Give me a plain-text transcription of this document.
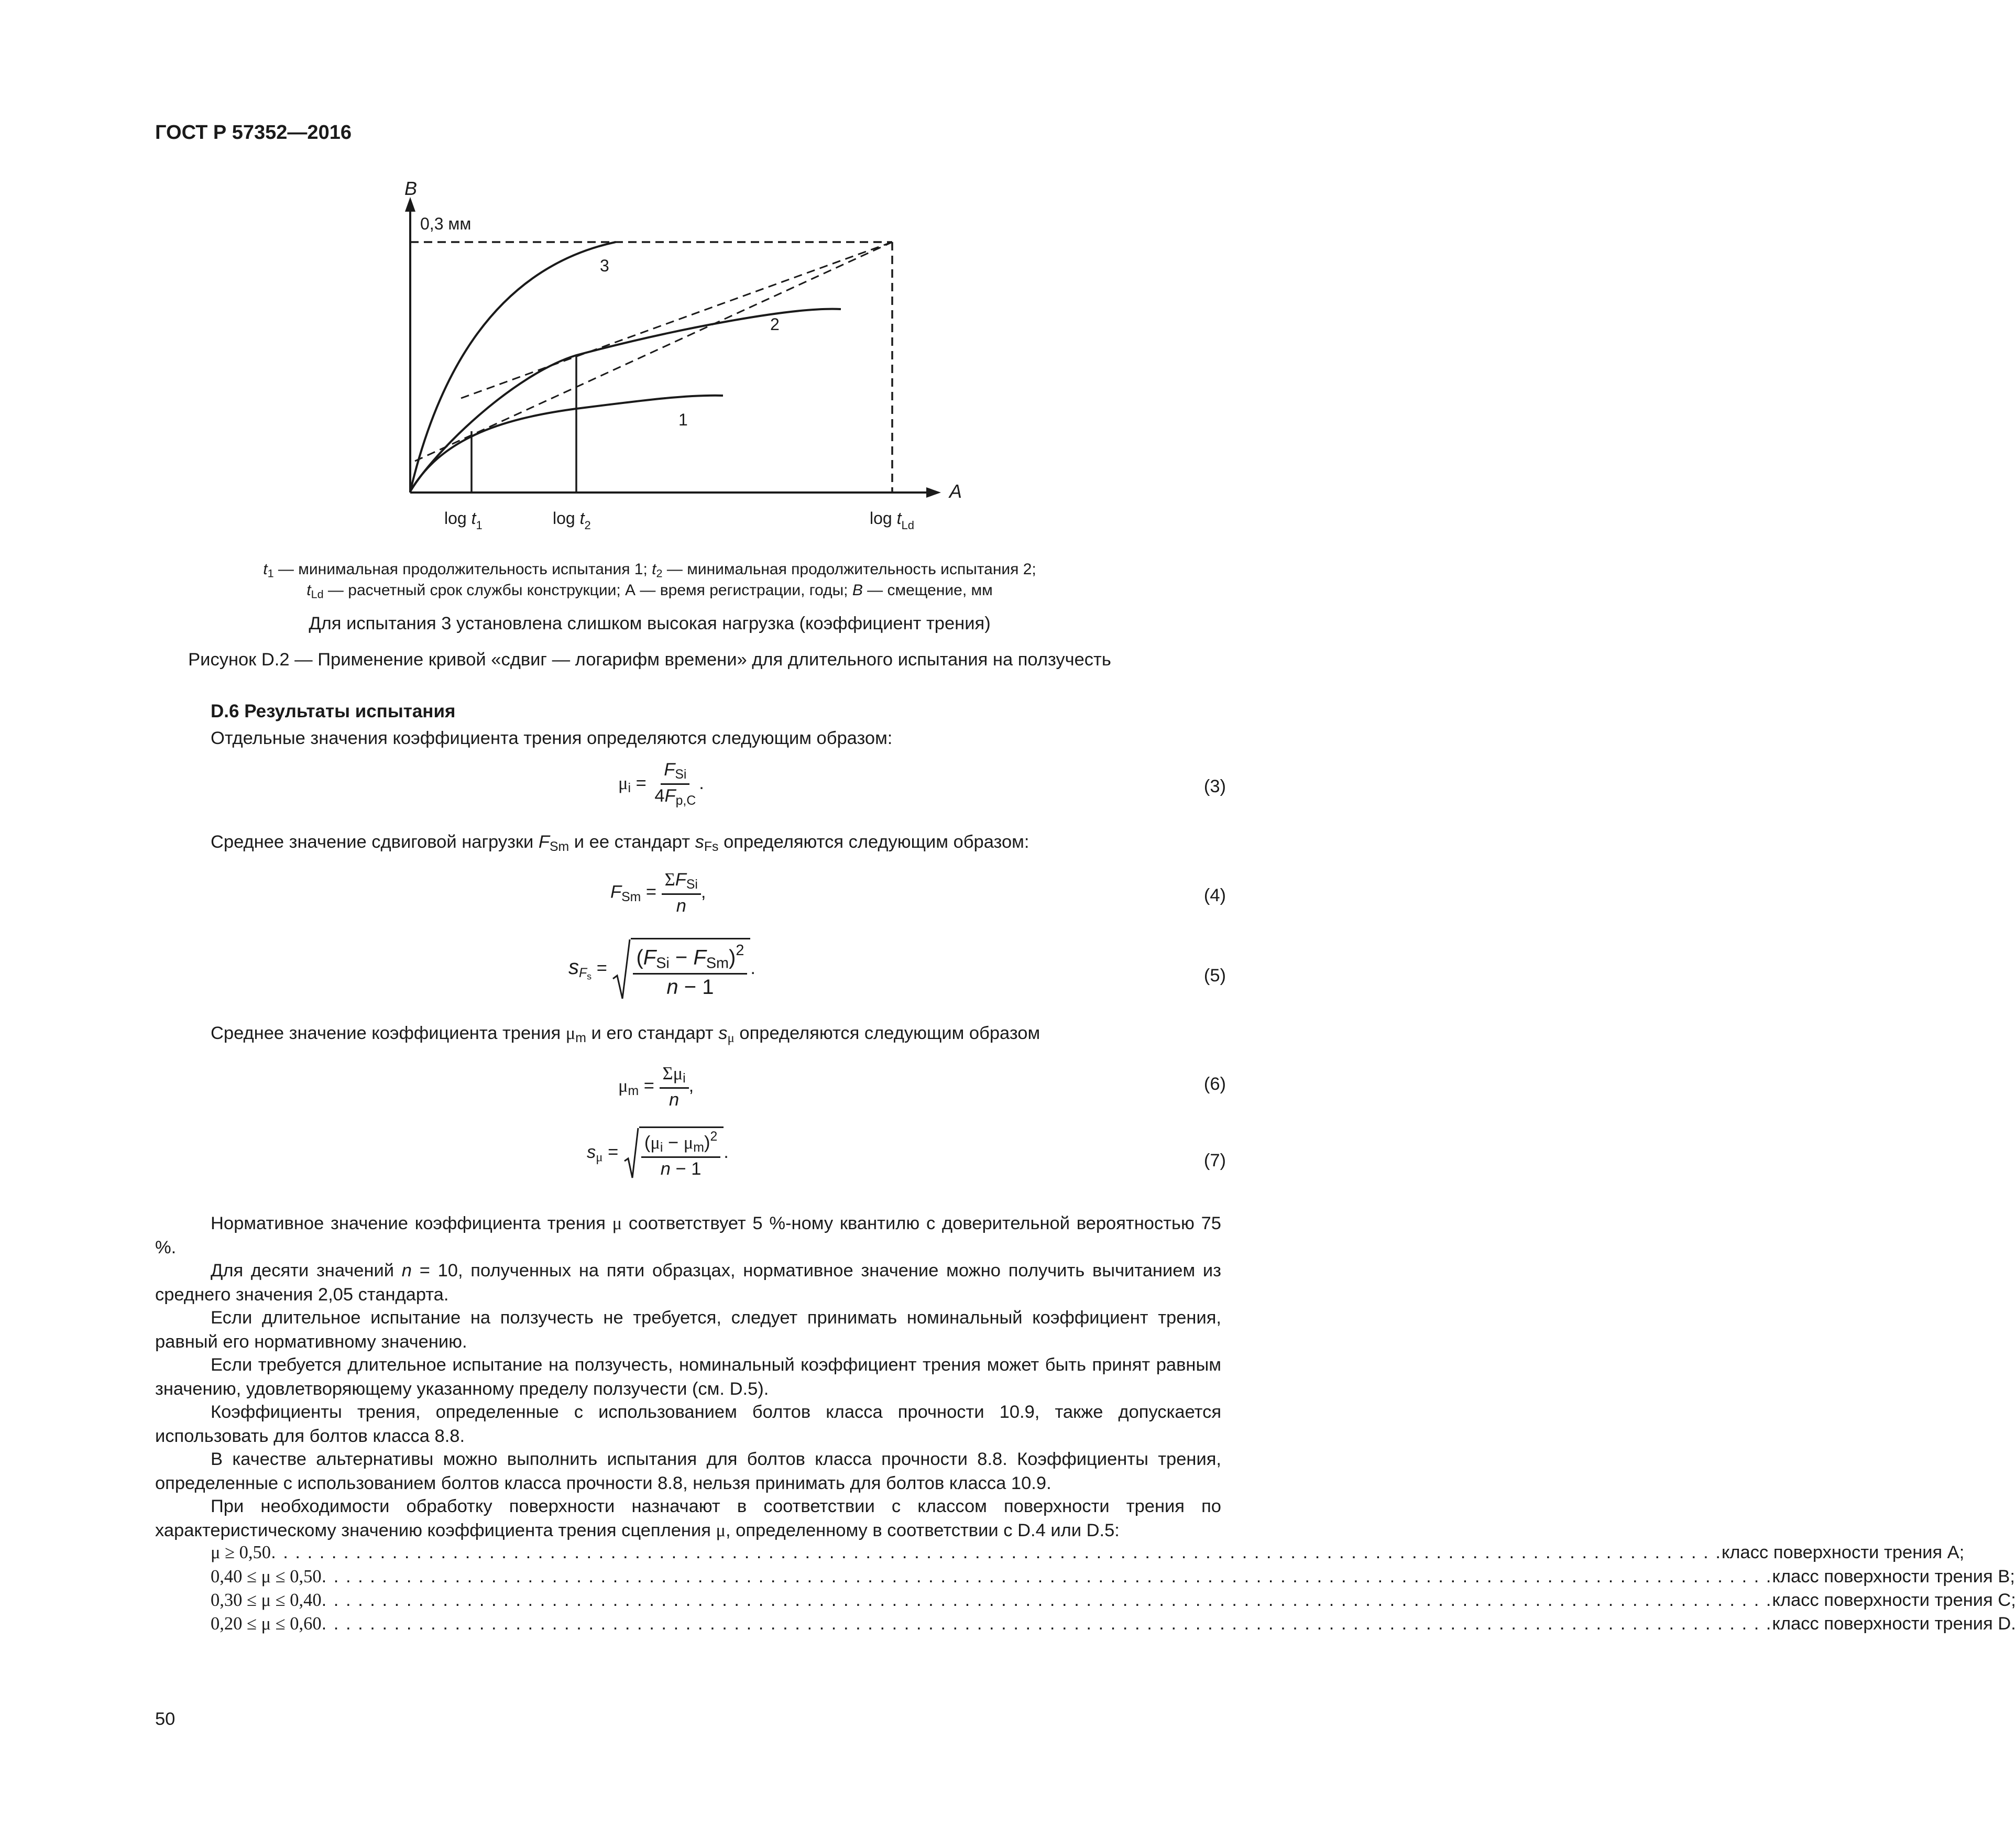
ГОСТ Р 57352—2016
B
A
0,3 мм
3
2
1
$\log t_1$	$\log t_2$	$\log t_{Ld}$
$t_1$ — минимальная продолжительность испытания 1; $t_2$ — минимальная продолжительность испытания 2;
$t_{Ld}$ — расчетный срок службы конструкции; А — время регистрации, годы; B — смещение, мм
Для испытания 3 установлена слишком высокая нагрузка (коэффициент трения)
Рисунок D.2 — Применение кривой «сдвиг — логарифм времени» для длительного испытания на ползучесть
D.6 Результаты испытания
Отдельные значения коэффициента трения определяются следующим образом:
$\mu_i = \frac{F_{Si}}{4F_{p,C}}$ .	(3)
Среднее значение сдвиговой нагрузки $F_{Sm}$ и ее стандарт $s_{Fs}$ определяются следующим образом:
$F_{Sm} = \frac{\Sigma F_{Si}}{n}$ ,	(4)
$s_{F_s} = \frac{(F_{Si} - F_{Sm})^2}{n - 1}$ .	(5)
Среднее значение коэффициента трения $\mu_m$ и его стандарт $s_\mu$ определяются следующим образом
$\mu_m = \frac{\Sigma\mu_i}{n}$ ,	(6)
$s_\mu = \frac{(\mu_i - \mu_m)^2}{n - 1}$ .	(7)
Нормативное значение коэффициента трения μ соответствует 5 %-ному квантилю с доверительной вероятностью 75 %.
Для десяти значений n = 10, полученных на пяти образцах, нормативное значение можно получить вычитанием из среднего значения 2,05 стандарта.
Если длительное испытание на ползучесть не требуется, следует принимать номинальный коэффициент трения, равный его нормативному значению.
Если требуется длительное испытание на ползучесть, номинальный коэффициент трения может быть принят равным значению, удовлетворяющему указанному пределу ползучести (см. D.5).
Коэффициенты трения, определенные с использованием болтов класса прочности 10.9, также допускается использовать для болтов класса 8.8.
В качестве альтернативы можно выполнить испытания для болтов класса прочности 8.8. Коэффициенты трения, определенные с использованием болтов класса прочности 8.8, нельзя принимать для болтов класса 10.9.
При необходимости обработку поверхности назначают в соответствии с классом поверхности трения по характеристическому значению коэффициента трения сцепления μ, определенному в соответствии с D.4 или D.5:
μ ≥ 0,50 . . . . . . . . . . . . . . . . . . . . . . . . . . . . . . . . . . . . . . . . . . . . . . . . . . . . . . . . . . . . . . . . . . . . . . . . . . . . . . . . . . . . . . . . . . . . . . . . . . . . . . . . . . . . . . . . . . . . . . . . класс поверхности трения A;
0,40 ≤ μ ≤ 0,50 . . . . . . . . . . . . . . . . . . . . . . . . . . . . . . . . . . . . . . . . . . . . . . . . . . . . . . . . . . . . . . . . . . . . . . . . . . . . . . . . . . . . . . . . . . . . . . . . . . . . . . . . . . . . . . . . . . . . . . . . класс поверхности трения B;
0,30 ≤ μ ≤ 0,40 . . . . . . . . . . . . . . . . . . . . . . . . . . . . . . . . . . . . . . . . . . . . . . . . . . . . . . . . . . . . . . . . . . . . . . . . . . . . . . . . . . . . . . . . . . . . . . . . . . . . . . . . . . . . . . . . . . . . . . . . класс поверхности трения C;
0,20 ≤ μ ≤ 0,60 . . . . . . . . . . . . . . . . . . . . . . . . . . . . . . . . . . . . . . . . . . . . . . . . . . . . . . . . . . . . . . . . . . . . . . . . . . . . . . . . . . . . . . . . . . . . . . . . . . . . . . . . . . . . . . . . . . . . . . . . класс поверхности трения D.
50
